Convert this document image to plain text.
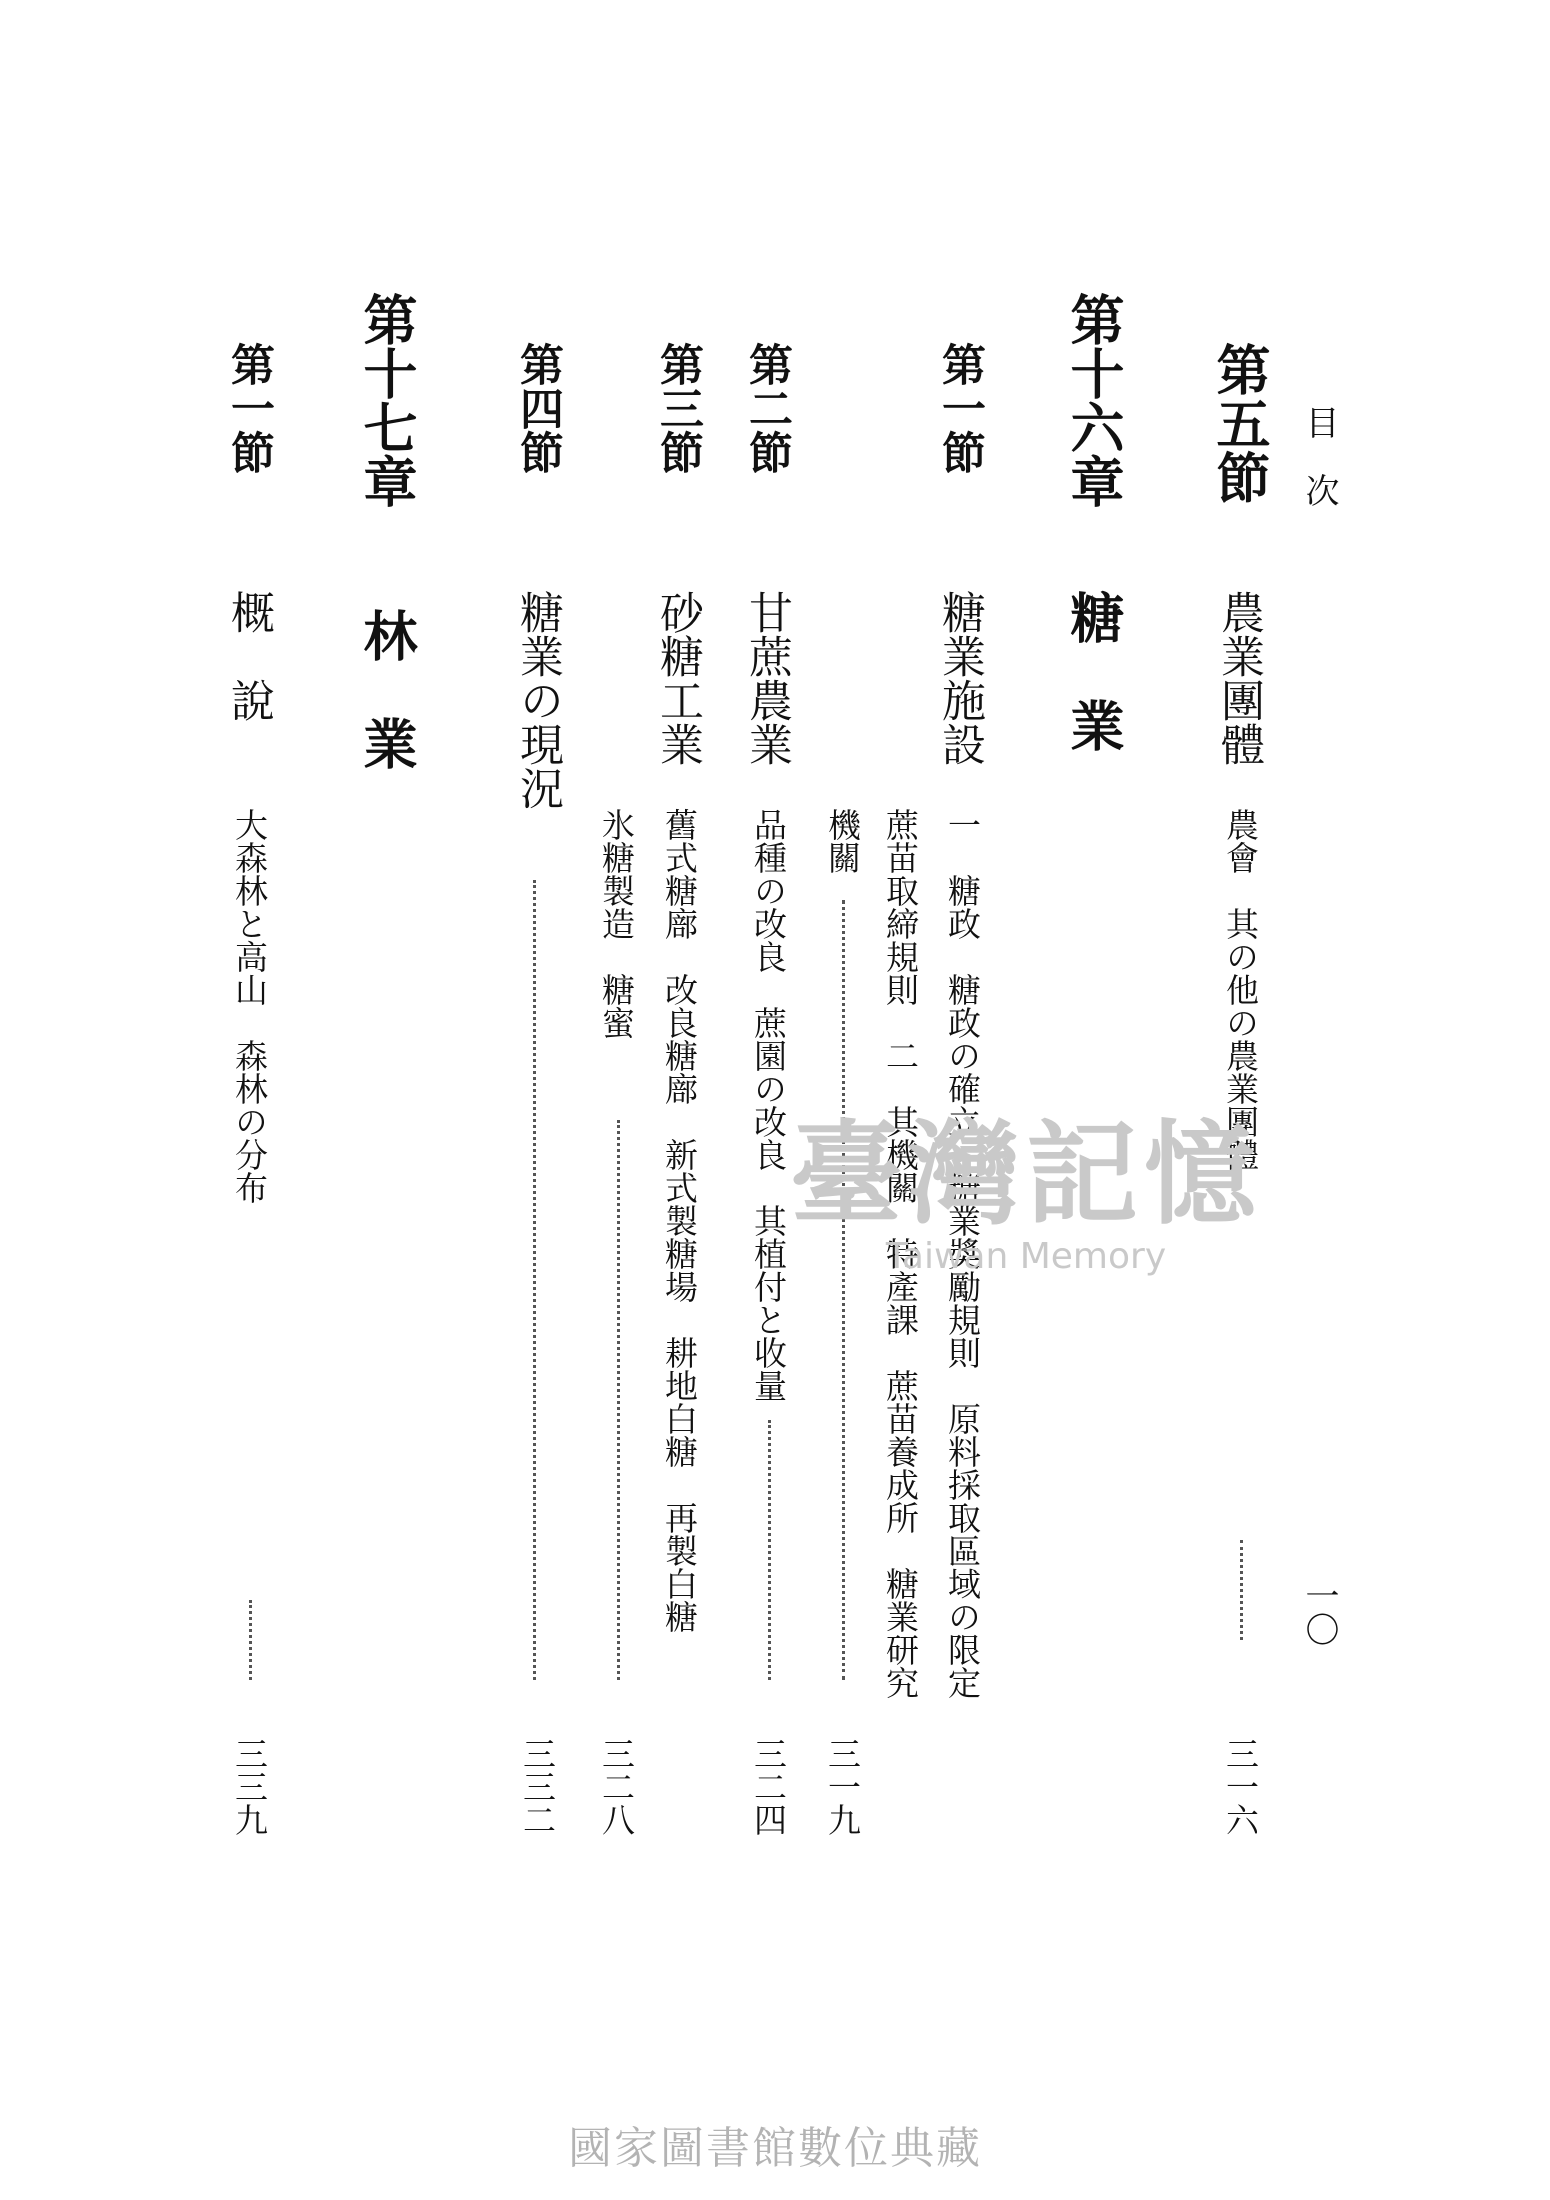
目　次
一〇
第五節
農業團體
農會　其の他の農業團體
三一六
第十六章
糖　業
第一節
糖業施設
一　糖政　糖政の確立　糖業奬勵規則　原料採取區域の限定
蔗苗取締規則　二　其機關　特產課　蔗苗養成所　糖業研究
機關
三一九
第二節
甘蔗農業
品種の改良　蔗園の改良　其植付と收量
三二四
第三節
砂糖工業
舊式糖廍　改良糖廍　新式製糖場　耕地白糖　再製白糖
氷糖製造　糖蜜
三二八
第四節
糖業の現況
三三二
第十七章
林　業
第一節
概　說
大森林と高山　森林の分布
三三九
臺灣記憶
Taiwan Memory
國家圖書館數位典藏
